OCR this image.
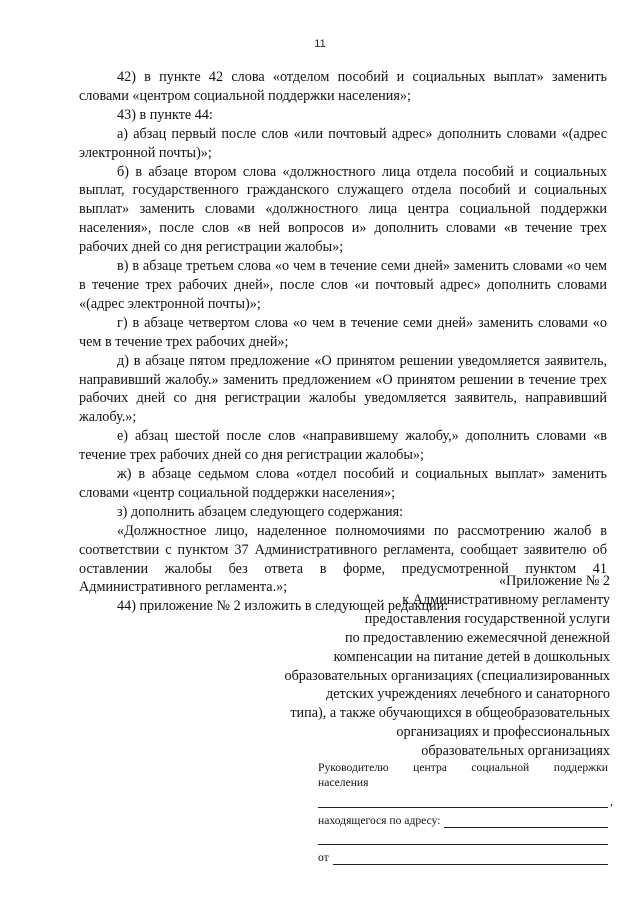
11

42) в пункте 42 слова «отделом пособий и социальных выплат» заменить словами «центром социальной поддержки населения»;

43) в пункте 44:

а) абзац первый после слов «или почтовый адрес» дополнить словами «(адрес электронной почты)»;

б) в абзаце втором слова «должностного лица отдела пособий и социальных выплат, государственного гражданского служащего отдела пособий и социальных выплат» заменить словами «должностного лица центра социальной поддержки населения», после слов «в ней вопросов и» дополнить словами «в течение трех рабочих дней со дня регистрации жалобы»;

в) в абзаце третьем слова «о чем в течение семи дней» заменить словами «о чем в течение трех рабочих дней», после слов «и почтовый адрес» дополнить словами «(адрес электронной почты)»;

г) в абзаце четвертом слова «о чем в течение семи дней» заменить словами «о чем в течение трех рабочих дней»;

д) в абзаце пятом предложение «О принятом решении уведомляется заявитель, направивший жалобу.» заменить предложением «О принятом решении в течение трех рабочих дней со дня регистрации жалобы уведомляется заявитель, направивший жалобу.»;

е) абзац шестой после слов «направившему жалобу,» дополнить словами «в течение трех рабочих дней со дня регистрации жалобы»;

ж) в абзаце седьмом слова «отдел пособий и социальных выплат» заменить словами «центр социальной поддержки населения»;

з) дополнить абзацем следующего содержания:

«Должностное лицо, наделенное полномочиями по рассмотрению жалоб в соответствии с пунктом 37 Административного регламента, сообщает заявителю об оставлении жалобы без ответа в форме, предусмотренной пунктом 41 Административного регламента.»;

44) приложение № 2 изложить в следующей редакции:

«Приложение № 2
к Административному регламенту
предоставления государственной услуги
по предоставлению ежемесячной денежной
компенсации на питание детей в дошкольных
образовательных организациях (специализированных
детских учреждениях лечебного и санаторного
типа), а также обучающихся в общеобразовательных
организациях и профессиональных
образовательных организациях
Руководителю центра социальной поддержки
населения
,
находящегося по адресу:
от
